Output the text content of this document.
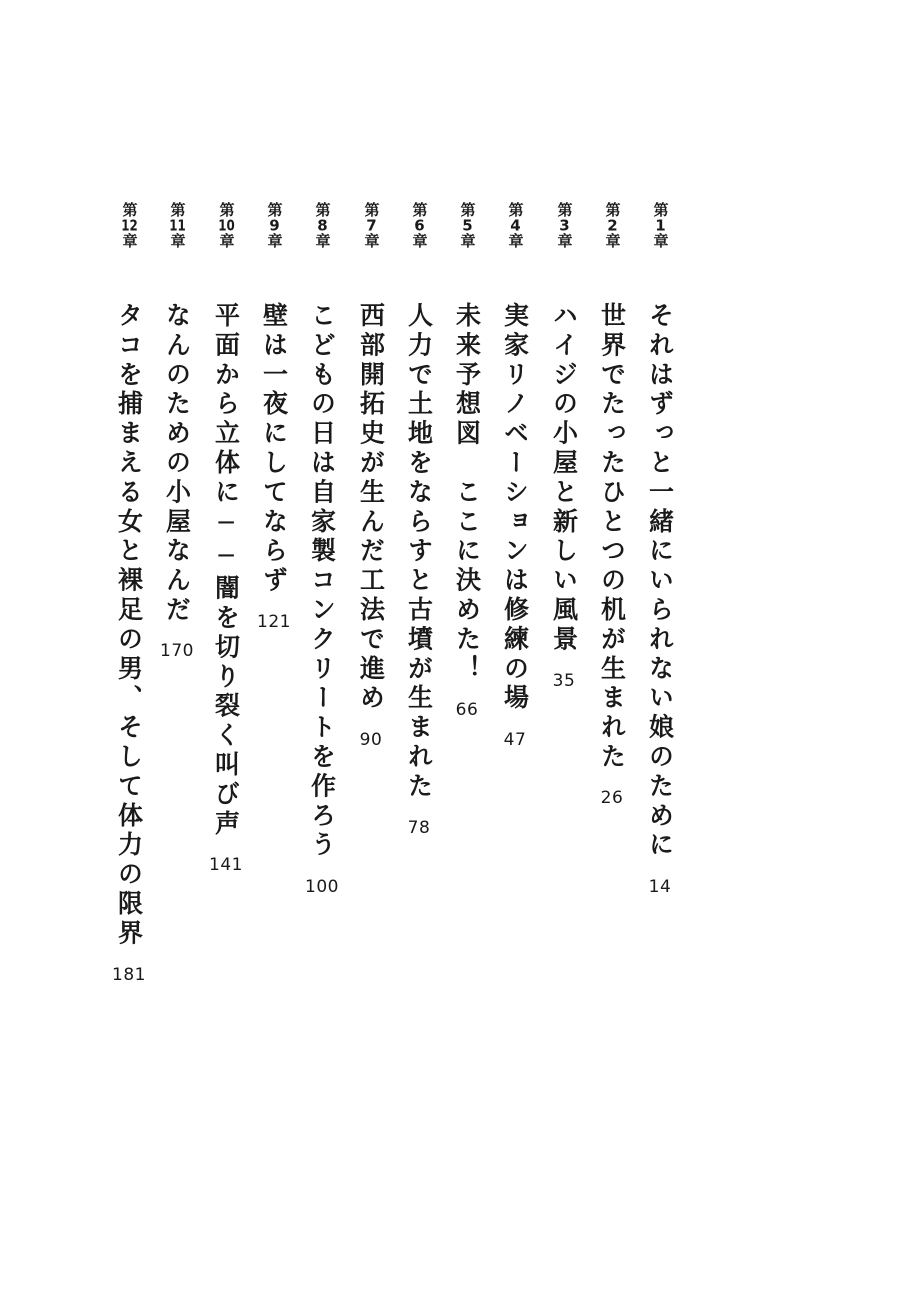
第1章
それはずっと一緒にいられない娘のために
14
第2章
世界でたったひとつの机が生まれた
26
第3章
ハイジの小屋と新しい風景
35
第4章
実家リノベーションは修練の場
47
第5章
未来予想図　ここに決めた！
66
第6章
人力で土地をならすと古墳が生まれた
78
第7章
西部開拓史が生んだ工法で進め
90
第8章
こどもの日は自家製コンクリートを作ろう
100
第9章
壁は一夜にしてならず
121
第10章
平面から立体に──闇を切り裂く叫び声
141
第11章
なんのための小屋なんだ
170
第12章
タコを捕まえる女と裸足の男、そして体力の限界
181
